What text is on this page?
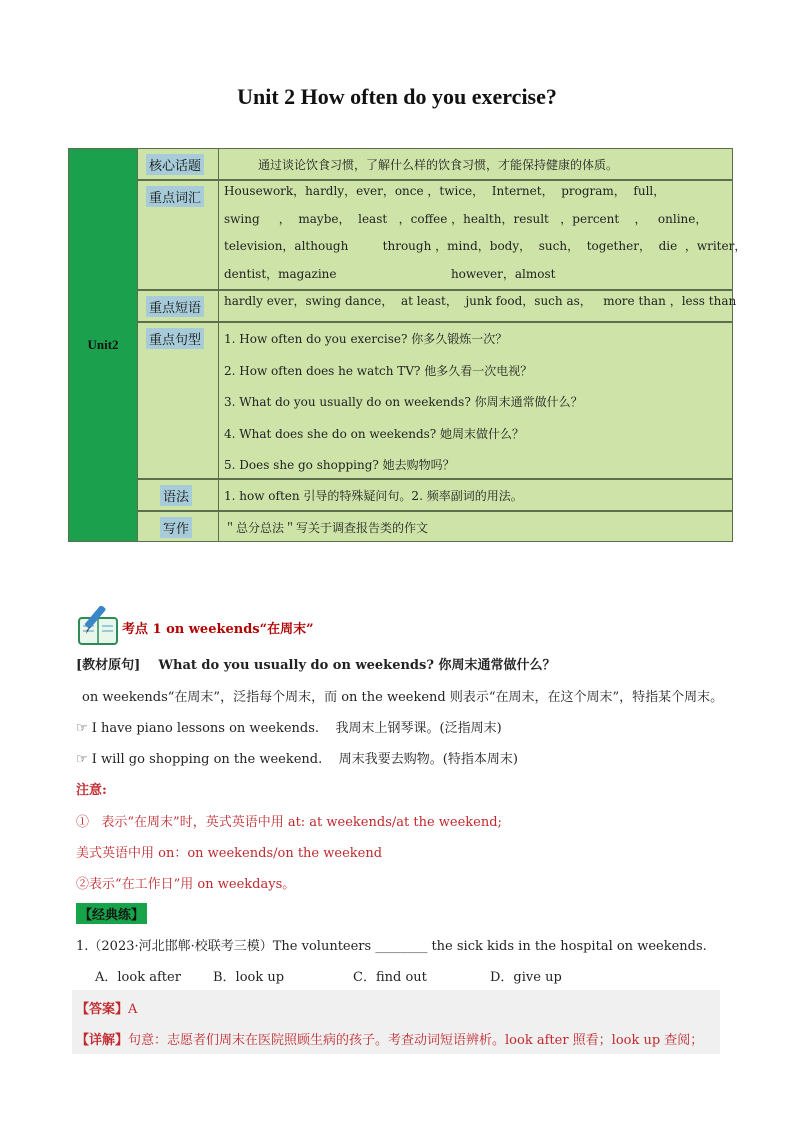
Unit 2 How often do you exercise?
Unit2
核心话题	通过谈论饮食习惯，了解什么样的饮食习惯，才能保持健康的体质。
重点词汇 Housework，hardly，ever，once ，twice，  Internet，  program，  full，
swing     ，  maybe，  least   ，coffee ，health，result   ，percent    ，   online，
television，although         through ，mind，body，  such，  together，  die  ，writer，
dentist，magazine                              however，almost
重点短语 hardly ever，swing dance，  at least，  junk food，such as，   more than ，less than
重点句型 1. How often do you exercise? 你多久锻炼一次？
2. How often does he watch TV? 他多久看一次电视？
3. What do you usually do on weekends? 你周末通常做什么？
4. What does she do on weekends? 她周末做什么？
5. Does she go shopping? 她去购物吗？
语法	1. how often 引导的特殊疑问句。2. 频率副词的用法。
写作	＂总分总法＂写关于调查报告类的作文
考点 1 on weekends“在周末”
[教材原句] What do you usually do on weekends? 你周末通常做什么？
on weekends“在周末”，泛指每个周末，而 on the weekend 则表示“在周末，在这个周末”，特指某个周末。
☞ I have piano lessons on weekends.    我周末上钢琴课。(泛指周末)
☞ I will go shopping on the weekend.    周末我要去购物。(特指本周末)
注意:
①   表示“在周末”时，英式英语中用 at: at weekends/at the weekend;
美式英语中用 on：on weekends/on the weekend
②表示“在工作日”用 on weekdays。
【经典练】
1.（2023·河北邯郸·校联考三模）The volunteers ________ the sick kids in the hospital on weekends.
A．look after B．look up	C．find out	D．give up
【答案】A
【详解】句意：志愿者们周末在医院照顾生病的孩子。考查动词短语辨析。look after 照看；look up 查阅；
